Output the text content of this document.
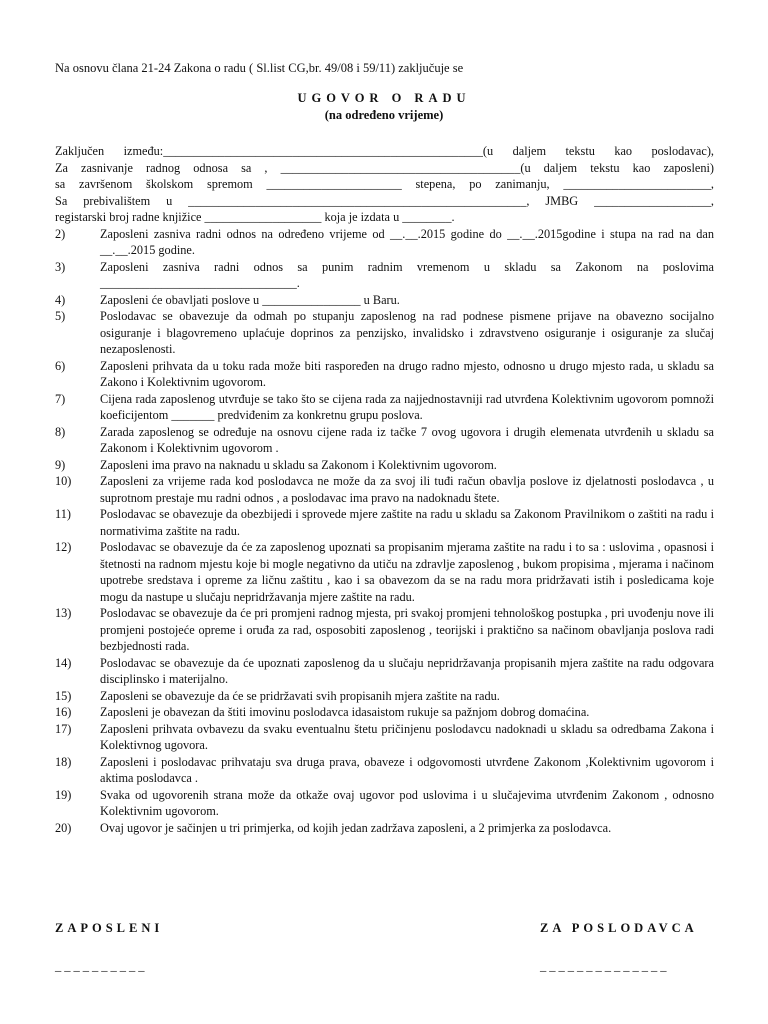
Na osnovu člana 21-24 Zakona o radu ( Sl.list CG,br. 49/08 i 59/11) zaključuje se
UGOVOR O RADU
(na određeno vrijeme)
Zaključen između:____________________________________________________(u daljem tekstu kao poslodavac),
Za zasnivanje radnog odnosa sa , _______________________________________(u daljem tekstu kao zaposleni)
sa završenom školskom spremom ______________________ stepena, po zanimanju, ________________________,
Sa prebivalištem u _______________________________________________________, JMBG ___________________,
registarski broj radne knjižice ___________________ koja je izdata u ________.
2)	Zaposleni zasniva radni odnos na određeno vrijeme od __.__.2015 godine do __.__.2015godine i stupa na rad na dan __.__.2015 godine.
3)	Zaposleni zasniva radni odnos sa punim radnim vremenom u skladu sa Zakonom na poslovima ________________________________.
4)	Zaposleni će obavljati poslove u ________________ u Baru.
5)	Poslodavac se obavezuje da odmah po stupanju zaposlenog na rad podnese pismene prijave na obavezno socijalno osiguranje i blagovremeno uplaćuje doprinos za penzijsko, invalidsko i zdravstveno osiguranje i osiguranje za slučaj nezaposlenosti.
6)	Zaposleni prihvata da u toku rada može biti raspoređen na drugo radno mjesto, odnosno u drugo mjesto rada, u skladu sa Zakono i Kolektivnim ugovorom.
7)	Cijena rada zaposlenog utvrđuje se tako što se cijena rada za najjednostavniji rad utvrđena Kolektivnim ugovorom pomnoži koeficijentom _______ predviđenim za konkretnu grupu poslova.
8)	Zarada zaposlenog se određuje na osnovu cijene rada iz tačke 7 ovog ugovora i drugih elemenata utvrđenih u skladu sa Zakonom i Kolektivnim ugovorom .
9)	Zaposleni ima pravo na naknadu u skladu sa Zakonom i Kolektivnim ugovorom.
10)	Zaposleni za vrijeme rada kod poslodavca ne može da za svoj ili tuđi račun obavlja poslove iz djelatnosti poslodavca , u suprotnom prestaje mu radni odnos , a poslodavac ima pravo na nadoknadu štete.
11)	Poslodavac se obavezuje da obezbijedi i sprovede mjere zaštite na radu u skladu sa Zakonom Pravilnikom o zaštiti na radu i normativima zaštite na radu.
12)	Poslodavac se obavezuje da će za zaposlenog upoznati sa propisanim mjerama zaštite na radu i to sa : uslovima , opasnosi i štetnosti na radnom mjestu koje bi mogle negativno da utiču na zdravlje zaposlenog , bukom propisima , mjerama i načinom upotrebe sredstava i opreme za ličnu zaštitu , kao i sa obavezom da se na radu mora pridržavati istih i posledicama koje mogu da nastupe u slučaju nepridržavanja mjere zaštite na radu.
13)	Poslodavac se obavezuje da će pri promjeni radnog mjesta, pri svakoj promjeni tehnološkog postupka , pri uvođenju nove ili promjeni postojeće opreme i oruđa za rad, osposobiti zaposlenog , teorijski i praktično sa načinom obavljanja poslova radi bezbjednosti rada.
14)	Poslodavac se obavezuje da će upoznati zaposlenog da u slučaju nepridržavanja propisanih mjera zaštite na radu odgovara disciplinsko i materijalno.
15)	Zaposleni se obavezuje da će se pridržavati svih propisanih mjera zaštite na radu.
16)	Zaposleni je obavezan da štiti imovinu poslodavca idasaistom rukuje sa pažnjom dobrog domaćina.
17)	Zaposleni prihvata ovbavezu da svaku eventualnu štetu pričinjenu poslodavcu nadoknadi u skladu sa odredbama Zakona i Kolektivnog ugovora.
18)	Zaposleni i poslodavac prihvataju sva druga prava, obaveze i odgovomosti utvrđene Zakonom ,Kolektivnim ugovorom i aktima poslodavca .
19)	Svaka od ugovorenih strana može da otkaže ovaj ugovor pod uslovima i u slučajevima utvrđenim Zakonom , odnosno Kolektivnim ugovorom.
20)	Ovaj ugovor je sačinjen u tri primjerka, od kojih jedan zadržava zaposleni, a 2 primjerka za poslodavca.
ZAPOSLENI	ZA POSLODAVCA
__________	______________
